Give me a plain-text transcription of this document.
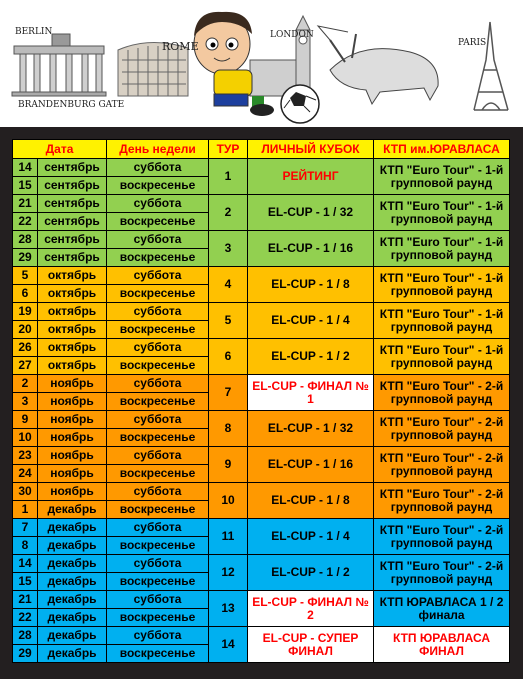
BERLIN
BRANDENBURG GATE
ROME
LONDON
PARIS
Дата		День недели	ТУР	ЛИЧНЫЙ КУБОК	КТП им.ЮРАВЛАСА
14	сентябрь	суббота	1	РЕЙТИНГ	КТП "Euro Tour" - 1-й групповой раунд
15	сентябрь	воскресенье			
21	сентябрь	суббота	2	EL-CUP - 1 / 32	КТП "Euro Tour" - 1-й групповой раунд
22	сентябрь	воскресенье			
28	сентябрь	суббота	3	EL-CUP - 1 / 16	КТП "Euro Tour" - 1-й групповой раунд
29	сентябрь	воскресенье			
5	октябрь	суббота	4	EL-CUP - 1 / 8	КТП "Euro Tour" - 1-й групповой раунд
6	октябрь	воскресенье			
19	октябрь	суббота	5	EL-CUP - 1 / 4	КТП "Euro Tour" - 1-й групповой раунд
20	октябрь	воскресенье			
26	октябрь	суббота	6	EL-CUP - 1 / 2	КТП "Euro Tour" - 1-й групповой раунд
27	октябрь	воскресенье			
2	ноябрь	суббота	7	EL-CUP - ФИНАЛ № 1	КТП "Euro Tour" - 2-й групповой раунд
3	ноябрь	воскресенье			
9	ноябрь	суббота	8	EL-CUP - 1 / 32	КТП "Euro Tour" - 2-й групповой раунд
10	ноябрь	воскресенье			
23	ноябрь	суббота	9	EL-CUP - 1 / 16	КТП "Euro Tour" - 2-й групповой раунд
24	ноябрь	воскресенье			
30	ноябрь	суббота	10	EL-CUP - 1 / 8	КТП "Euro Tour" - 2-й групповой раунд
1	декабрь	воскресенье			
7	декабрь	суббота	11	EL-CUP - 1 / 4	КТП "Euro Tour" - 2-й групповой раунд
8	декабрь	воскресенье			
14	декабрь	суббота	12	EL-CUP - 1 / 2	КТП "Euro Tour" - 2-й групповой раунд
15	декабрь	воскресенье			
21	декабрь	суббота	13	EL-CUP - ФИНАЛ № 2	КТП ЮРАВЛАСА 1 / 2 финала
22	декабрь	воскресенье			
28	декабрь	суббота	14	EL-CUP - СУПЕР ФИНАЛ	КТП ЮРАВЛАСА ФИНАЛ
29	декабрь	воскресенье			
